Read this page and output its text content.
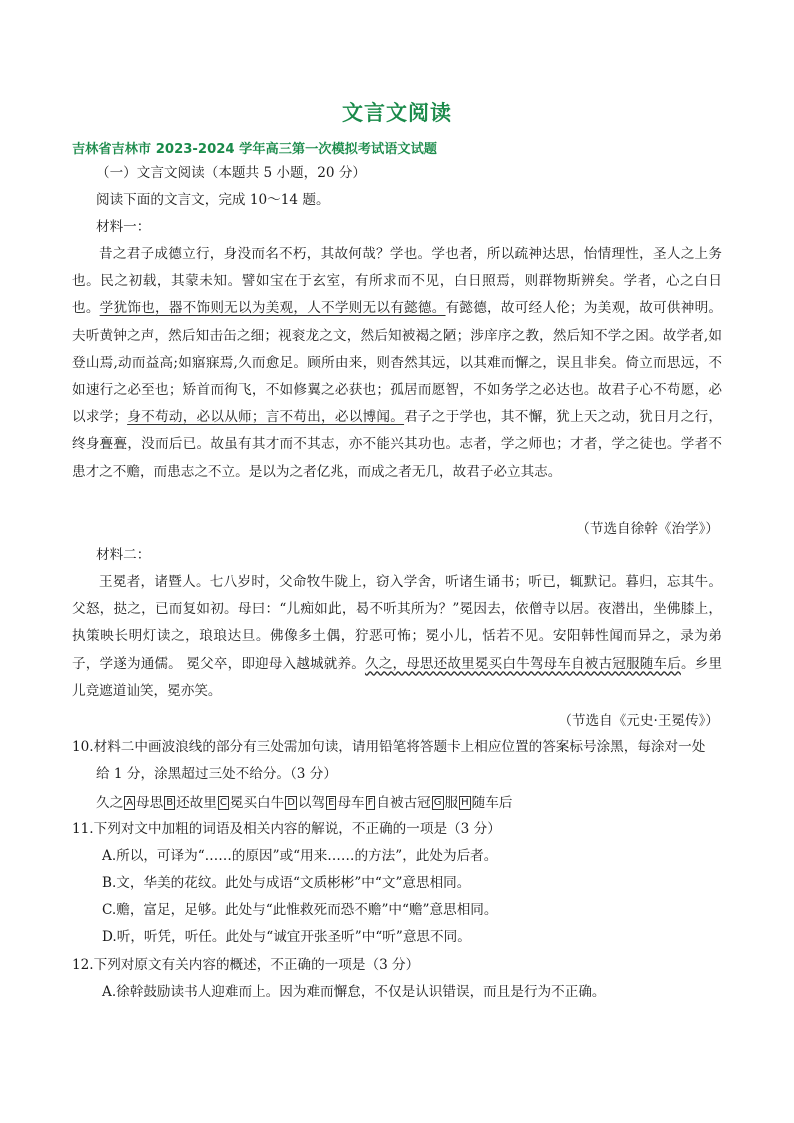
文言文阅读
吉林省吉林市 2023-2024 学年高三第一次模拟考试语文试题
（一）文言文阅读（本题共 5 小题，20 分）
阅读下面的文言文，完成 10～14 题。
材料一：
昔之君子成德立行，身没而名不朽，其故何哉？学也。学也者，所以疏神达思，怡情理性，圣人之上务也。民之初载，其蒙未知。譬如宝在于玄室，有所求而不见，白日照焉，则群物斯辨矣。学者，心之白日也。学犹饰也，器不饰则无以为美观，人不学则无以有懿德。有懿德，故可经人伦；为美观，故可供神明。夫听黄钟之声，然后知击缶之细；视衮龙之文，然后知被褐之陋；涉庠序之教，然后知不学之困。故学者,如登山焉,动而益高;如寤寐焉,久而愈足。顾所由来，则杳然其远，以其难而懈之，误且非矣。倚立而思远，不如速行之必至也；矫首而徇飞，不如修翼之必获也；孤居而愿智，不如务学之必达也。故君子心不苟愿，必以求学；身不苟动，必以从师；言不苟出，必以博闻。君子之于学也，其不懈，犹上天之动，犹日月之行，终身亹亹，没而后已。故虽有其才而不其志，亦不能兴其功也。志者，学之师也；才者，学之徒也。学者不患才之不赡，而患志之不立。是以为之者亿兆，而成之者无几，故君子必立其志。
（节选自徐幹《治学》）
材料二：
王冕者，诸暨人。七八岁时，父命牧牛陇上，窃入学舍，听诸生诵书；听已，辄默记。暮归，忘其牛。父怒，挞之，已而复如初。母曰：“儿痴如此，曷不听其所为？”冕因去，依僧寺以居。夜潜出，坐佛膝上，执策映长明灯读之，琅琅达旦。佛像多土偶，狞恶可怖；冕小儿，恬若不见。安阳韩性闻而异之，录为弟子，学遂为通儒。 冕父卒，即迎母入越城就养。久之，母思还故里冕买白牛驾母车自被古冠服随车后。乡里儿竞遮道讪笑，冕亦笑。
（节选自《元史·王冕传》）
10.材料二中画波浪线的部分有三处需加句读，请用铅笔将答题卡上相应位置的答案标号涂黑，每涂对一处
给 1 分，涂黑超过三处不给分。（3 分）
久之 A 母思 B 还故里 C 冕买白牛 D 以驾 E 母车 F 自被古冠 G 服 H 随车后
11.下列对文中加粗的词语及相关内容的解说，不正确的一项是（3 分）
A.所以，可译为“……的原因”或“用来……的方法”，此处为后者。
B.文，华美的花纹。此处与成语“文质彬彬”中“文”意思相同。
C.赡，富足，足够。此处与“此惟救死而恐不赡”中“赡”意思相同。
D.听，听凭，听任。此处与“诚宜开张圣听”中“听”意思不同。
12.下列对原文有关内容的概述，不正确的一项是（3 分）
A.徐幹鼓励读书人迎难而上。因为难而懈怠，不仅是认识错误，而且是行为不正确。
